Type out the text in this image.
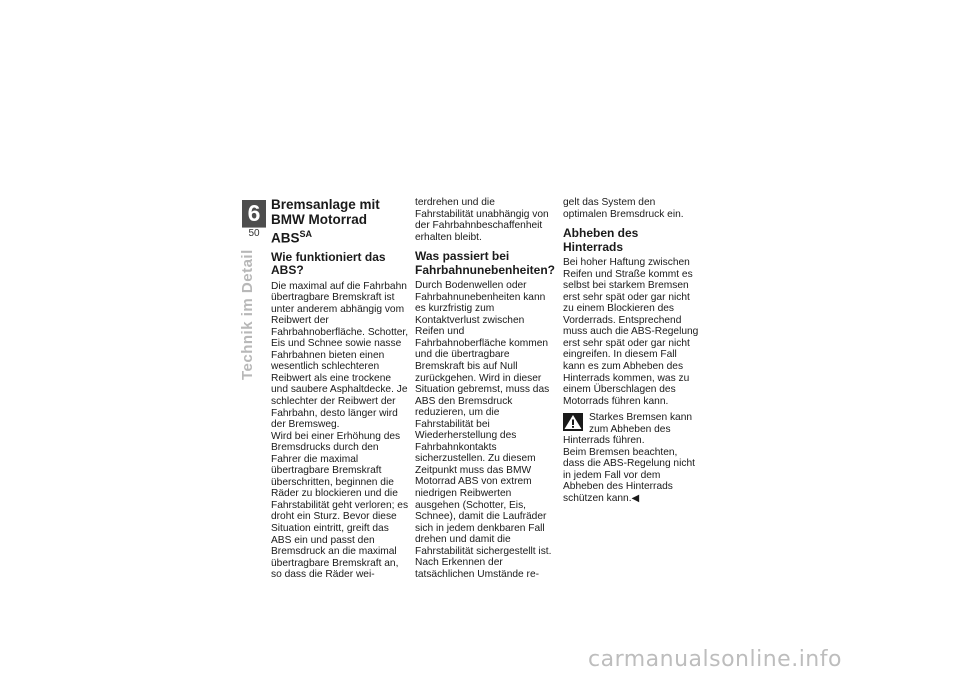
6
50
Technik im Detail
Bremsanlage mit BMW Motorrad $ABS^{SA}$
Wie funktioniert das ABS?

Die maximal auf die Fahrbahn übertragbare Bremskraft ist unter anderem abhängig vom Reibwert der Fahrbahnoberfläche. Schotter, Eis und Schnee sowie nasse Fahrbahnen bieten einen wesentlich schlechteren Reibwert als eine trockene und saubere Asphaltdecke. Je schlechter der Reibwert der Fahrbahn, desto länger wird der Bremsweg.

Wird bei einer Erhöhung des Bremsdrucks durch den Fahrer die maximal übertragbare Bremskraft überschritten, beginnen die Räder zu blockieren und die Fahrstabilität geht verloren; es droht ein Sturz. Bevor diese Situation eintritt, greift das ABS ein und passt den Bremsdruck an die maximal übertragbare Bremskraft an, so dass die Räder wei-

terdrehen und die Fahrstabilität unabhängig von der Fahrbahnbeschaffenheit erhalten bleibt.

Was passiert bei Fahrbahnunebenheiten?

Durch Bodenwellen oder Fahrbahnunebenheiten kann es kurzfristig zum Kontaktverlust zwischen Reifen und Fahrbahnoberfläche kommen und die übertragbare Bremskraft bis auf Null zurückgehen. Wird in dieser Situation gebremst, muss das ABS den Bremsdruck reduzieren, um die Fahrstabilität bei Wiederherstellung des Fahrbahnkontakts sicherzustellen. Zu diesem Zeitpunkt muss das BMW Motorrad ABS von extrem niedrigen Reibwerten ausgehen (Schotter, Eis, Schnee), damit die Laufräder sich in jedem denkbaren Fall drehen und damit die Fahrstabilität sichergestellt ist. Nach Erkennen der tatsächlichen Umstände re-

gelt das System den optimalen Bremsdruck ein.

Abheben des Hinterrads

Bei hoher Haftung zwischen Reifen und Straße kommt es selbst bei starkem Bremsen erst sehr spät oder gar nicht zu einem Blockieren des Vorderrads. Entsprechend muss auch die ABS-Regelung erst sehr spät oder gar nicht eingreifen. In diesem Fall kann es zum Abheben des Hinterrads kommen, was zu einem Überschlagen des Motorrads führen kann.

Starkes Bremsen kann zum Abheben des Hinterrads führen.

Beim Bremsen beachten, dass die ABS-Regelung nicht in jedem Fall vor dem Abheben des Hinterrads schützen kann.◀

carmanualsonline.info
